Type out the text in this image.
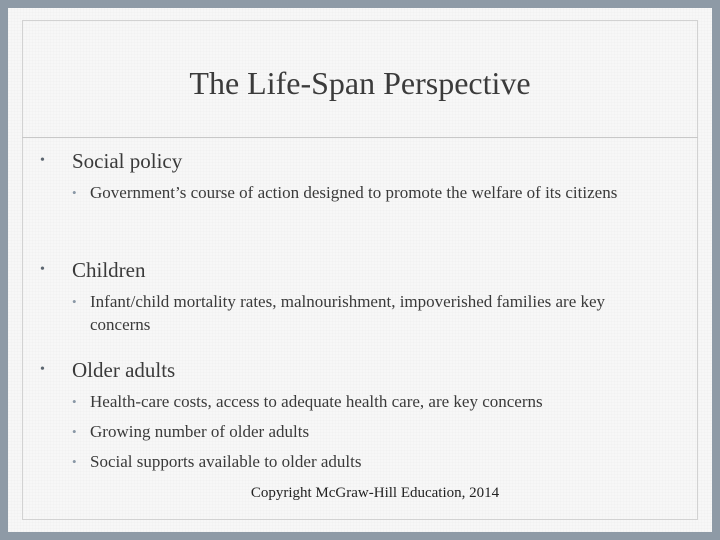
The Life-Span Perspective

• Social policy

• Government’s course of action designed to promote the welfare of its citizens

• Children

• Infant/child mortality rates, malnourishment, impoverished families are key concerns

• Older adults

• Health-care costs, access to adequate health care, are key concerns

• Growing number of older adults

• Social supports available to older adults

Copyright McGraw-Hill Education, 2014
